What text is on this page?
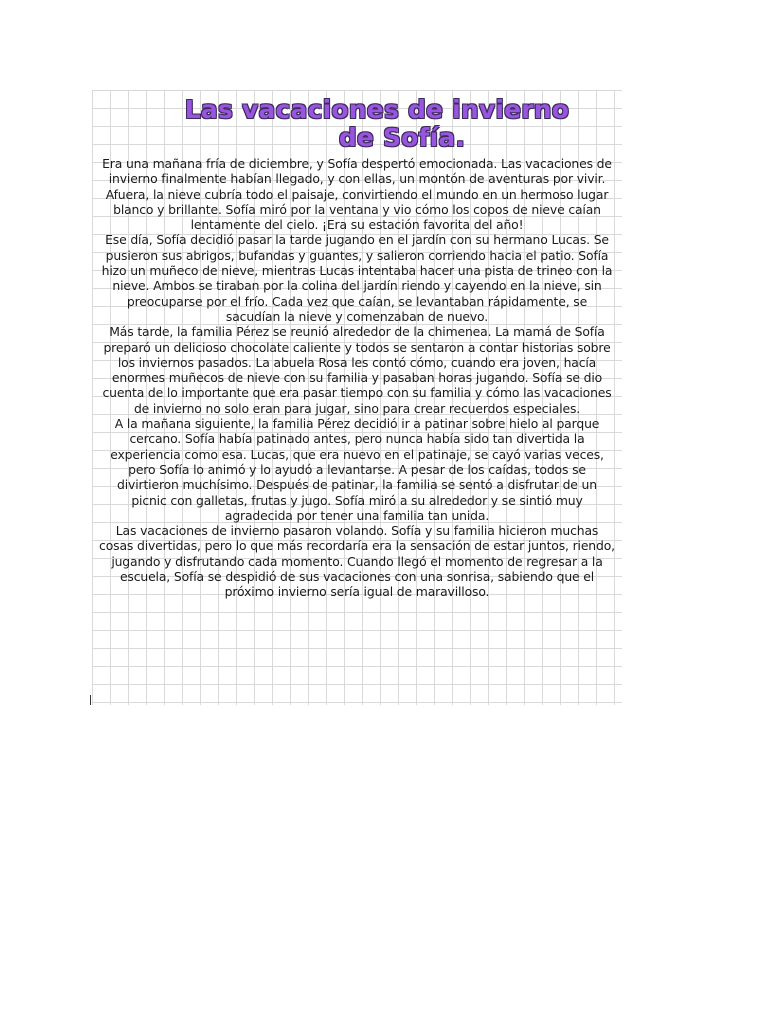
Las vacaciones de invierno
de Sofía.

Era una mañana fría de diciembre, y Sofía despertó emocionada. Las vacaciones de invierno finalmente habían llegado, y con ellas, un montón de aventuras por vivir. Afuera, la nieve cubría todo el paisaje, convirtiendo el mundo en un hermoso lugar blanco y brillante. Sofía miró por la ventana y vio cómo los copos de nieve caían lentamente del cielo. ¡Era su estación favorita del año!

Ese día, Sofía decidió pasar la tarde jugando en el jardín con su hermano Lucas. Se pusieron sus abrigos, bufandas y guantes, y salieron corriendo hacia el patio. Sofía hizo un muñeco de nieve, mientras Lucas intentaba hacer una pista de trineo con la nieve. Ambos se tiraban por la colina del jardín riendo y cayendo en la nieve, sin preocuparse por el frío. Cada vez que caían, se levantaban rápidamente, se sacudían la nieve y comenzaban de nuevo.

Más tarde, la familia Pérez se reunió alrededor de la chimenea. La mamá de Sofía preparó un delicioso chocolate caliente y todos se sentaron a contar historias sobre los inviernos pasados. La abuela Rosa les contó cómo, cuando era joven, hacía enormes muñecos de nieve con su familia y pasaban horas jugando. Sofía se dio cuenta de lo importante que era pasar tiempo con su familia y cómo las vacaciones de invierno no solo eran para jugar, sino para crear recuerdos especiales.

A la mañana siguiente, la familia Pérez decidió ir a patinar sobre hielo al parque cercano. Sofía había patinado antes, pero nunca había sido tan divertida la experiencia como esa. Lucas, que era nuevo en el patinaje, se cayó varias veces, pero Sofía lo animó y lo ayudó a levantarse. A pesar de los caídas, todos se divirtieron muchísimo. Después de patinar, la familia se sentó a disfrutar de un picnic con galletas, frutas y jugo. Sofía miró a su alrededor y se sintió muy agradecida por tener una familia tan unida.

Las vacaciones de invierno pasaron volando. Sofía y su familia hicieron muchas cosas divertidas, pero lo que más recordaría era la sensación de estar juntos, riendo, jugando y disfrutando cada momento. Cuando llegó el momento de regresar a la escuela, Sofía se despidió de sus vacaciones con una sonrisa, sabiendo que el próximo invierno sería igual de maravilloso.
